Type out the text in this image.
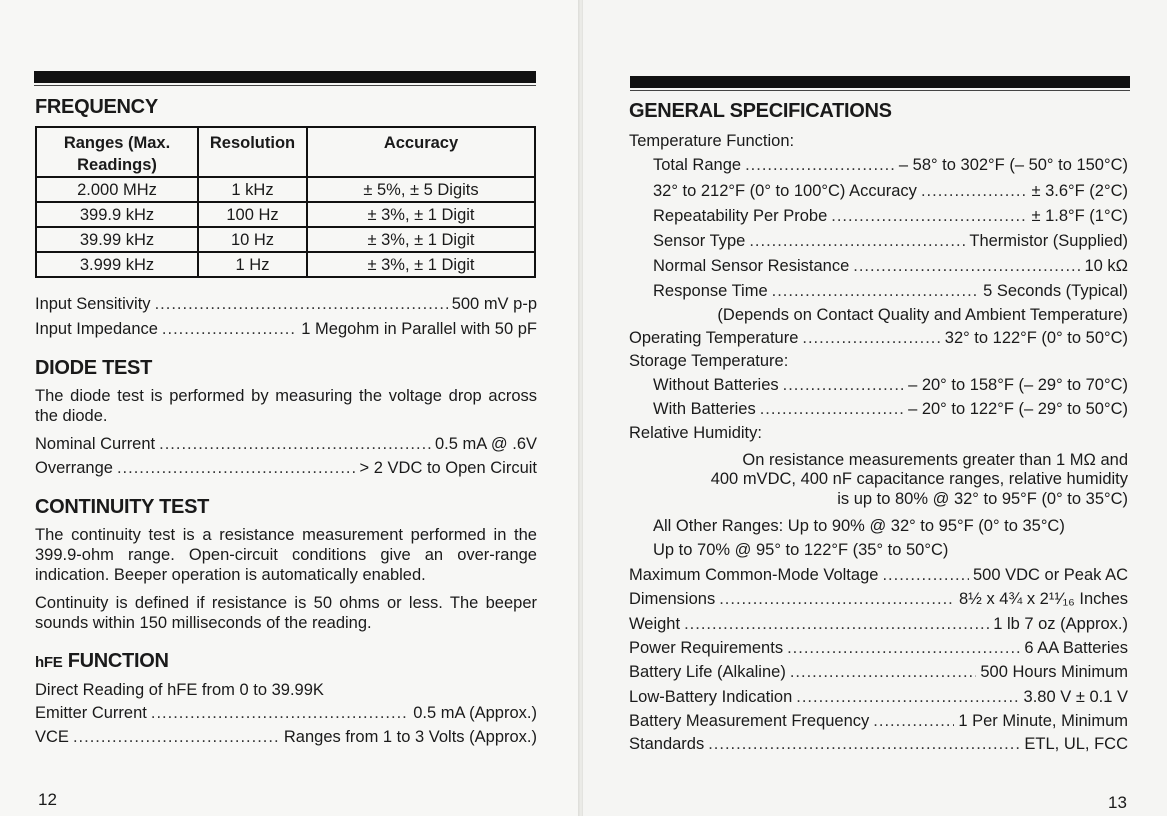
FREQUENCY
Ranges (Max. Readings)	Resolution	Accuracy
2.000 MHz	1 kHz	± 5%, ± 5 Digits
399.9 kHz	100 Hz	± 3%, ± 1 Digit
39.99 kHz	10 Hz	± 3%, ± 1 Digit
3.999 kHz	1 Hz	± 3%, ± 1 Digit
Input Sensitivity .....	500 mV p-p
Input Impedance .....	1 Megohm in Parallel with 50 pF
DIODE TEST
The diode test is performed by measuring the voltage drop across the diode.
Nominal Current .....	0.5 mA @ .6V
Overrange .....	> 2 VDC to Open Circuit
CONTINUITY TEST
The continuity test is a resistance measurement performed in the 399.9-ohm range. Open-circuit conditions give an over-range indication. Beeper operation is automatically enabled.
Continuity is defined if resistance is 50 ohms or less. The beeper sounds within 150 milliseconds of the reading.
hFE FUNCTION
Direct Reading of hFE from 0 to 39.99K
Emitter Current .....	0.5 mA (Approx.)
VCE .....	Ranges from 1 to 3 Volts (Approx.)
12
GENERAL SPECIFICATIONS
Temperature Function:
Total Range .....	– 58° to 302°F (– 50° to 150°C)
32° to 212°F (0° to 100°C) Accuracy .....	± 3.6°F (2°C)
Repeatability Per Probe .....	± 1.8°F (1°C)
Sensor Type .....	Thermistor (Supplied)
Normal Sensor Resistance .....	10 kΩ
Response Time .....	5 Seconds (Typical)
(Depends on Contact Quality and Ambient Temperature)
Operating Temperature .....	32° to 122°F (0° to 50°C)
Storage Temperature:
Without Batteries .....	– 20° to 158°F (– 29° to 70°C)
With Batteries .....	– 20° to 122°F (– 29° to 50°C)
Relative Humidity:
On resistance measurements greater than 1 MΩ and
400 mVDC, 400 nF capacitance ranges, relative humidity
is up to 80% @ 32° to 95°F (0° to 35°C)
All Other Ranges: Up to 90% @ 32° to 95°F (0° to 35°C)
Up to 70% @ 95° to 122°F (35° to 50°C)
Maximum Common-Mode Voltage .....	500 VDC or Peak AC
Dimensions .....	8½ x 4¾ x 2¹¹⁄₁₆ Inches
Weight .....	1 lb 7 oz (Approx.)
Power Requirements .....	6 AA Batteries
Battery Life (Alkaline) .....	500 Hours Minimum
Low-Battery Indication .....	3.80 V ± 0.1 V
Battery Measurement Frequency .....	1 Per Minute, Minimum
Standards .....	ETL, UL, FCC
13
